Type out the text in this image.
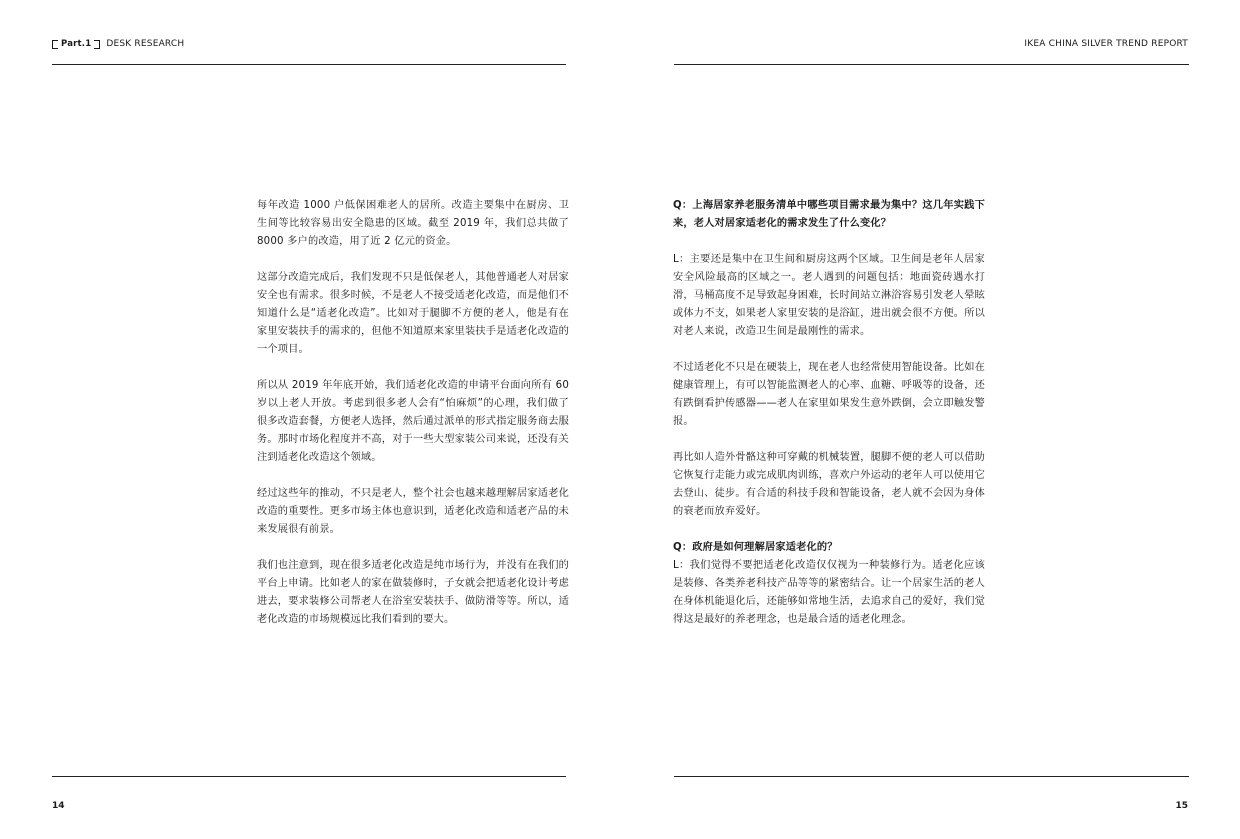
Part.1 DESK RESEARCH

每年改造 1000 户低保困难老人的居所。改造主要集中在厨房、卫生间等比较容易出安全隐患的区域。截至 2019 年，我们总共做了 8000 多户的改造，用了近 2 亿元的资金。

这部分改造完成后，我们发现不只是低保老人，其他普通老人对居家安全也有需求。很多时候，不是老人不接受适老化改造，而是他们不知道什么是“适老化改造”。比如对于腿脚不方便的老人，他是有在家里安装扶手的需求的，但他不知道原来家里装扶手是适老化改造的一个项目。

所以从 2019 年年底开始，我们适老化改造的申请平台面向所有 60 岁以上老人开放。考虑到很多老人会有“怕麻烦”的心理，我们做了很多改造套餐，方便老人选择，然后通过派单的形式指定服务商去服务。那时市场化程度并不高，对于一些大型家装公司来说，还没有关注到适老化改造这个领域。

经过这些年的推动，不只是老人，整个社会也越来越理解居家适老化改造的重要性。更多市场主体也意识到，适老化改造和适老产品的未来发展很有前景。

我们也注意到，现在很多适老化改造是纯市场行为，并没有在我们的平台上申请。比如老人的家在做装修时，子女就会把适老化设计考虑进去，要求装修公司帮老人在浴室安装扶手、做防滑等等。所以，适老化改造的市场规模远比我们看到的要大。

14
IKEA CHINA SILVER TREND REPORT

Q：上海居家养老服务清单中哪些项目需求最为集中？这几年实践下来，老人对居家适老化的需求发生了什么变化？

L：主要还是集中在卫生间和厨房这两个区域。卫生间是老年人居家安全风险最高的区域之一。老人遇到的问题包括：地面瓷砖遇水打滑，马桶高度不足导致起身困难，长时间站立淋浴容易引发老人晕眩或体力不支，如果老人家里安装的是浴缸，进出就会很不方便。所以对老人来说，改造卫生间是最刚性的需求。

不过适老化不只是在硬装上，现在老人也经常使用智能设备。比如在健康管理上，有可以智能监测老人的心率、血糖、呼吸等的设备，还有跌倒看护传感器——老人在家里如果发生意外跌倒，会立即触发警报。

再比如人造外骨骼这种可穿戴的机械装置，腿脚不便的老人可以借助它恢复行走能力或完成肌肉训练，喜欢户外运动的老年人可以使用它去登山、徒步。有合适的科技手段和智能设备，老人就不会因为身体的衰老而放弃爱好。

Q：政府是如何理解居家适老化的？

L：我们觉得不要把适老化改造仅仅视为一种装修行为。适老化应该是装修、各类养老科技产品等等的紧密结合。让一个居家生活的老人在身体机能退化后，还能够如常地生活，去追求自己的爱好，我们觉得这是最好的养老理念，也是最合适的适老化理念。

15
